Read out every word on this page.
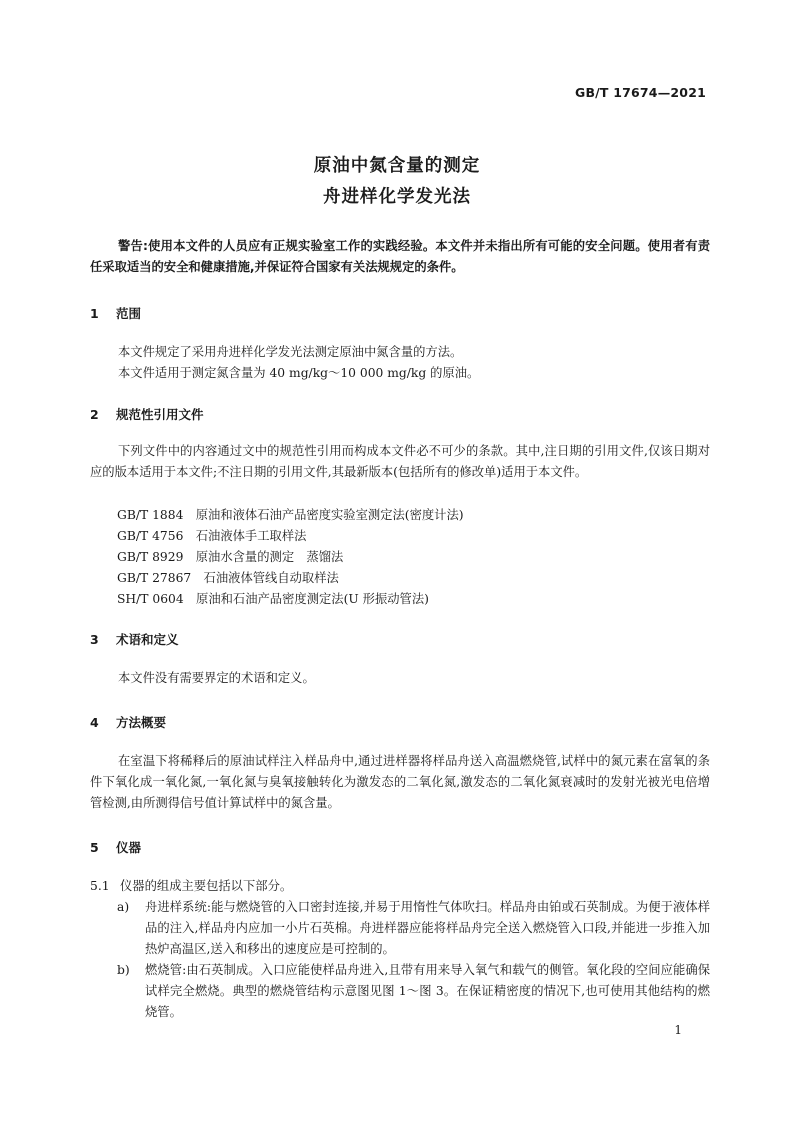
GB/T 17674—2021
原油中氮含量的测定
舟进样化学发光法
警告:使用本文件的人员应有正规实验室工作的实践经验。本文件并未指出所有可能的安全问题。使用者有责任采取适当的安全和健康措施,并保证符合国家有关法规规定的条件。
1 范围
本文件规定了采用舟进样化学发光法测定原油中氮含量的方法。
本文件适用于测定氮含量为 40 mg/kg～10 000 mg/kg 的原油。
2 规范性引用文件
下列文件中的内容通过文中的规范性引用而构成本文件必不可少的条款。其中,注日期的引用文件,仅该日期对应的版本适用于本文件;不注日期的引用文件,其最新版本(包括所有的修改单)适用于本文件。
GB/T 1884　 原油和液体石油产品密度实验室测定法(密度计法)
GB/T 4756　 石油液体手工取样法
GB/T 8929　 原油水含量的测定　蒸馏法
GB/T 27867　 石油液体管线自动取样法
SH/T 0604　 原油和石油产品密度测定法(U 形振动管法)
3 术语和定义
本文件没有需要界定的术语和定义。
4 方法概要
在室温下将稀释后的原油试样注入样品舟中,通过进样器将样品舟送入高温燃烧管,试样中的氮元素在富氧的条件下氧化成一氧化氮,一氧化氮与臭氧接触转化为激发态的二氧化氮,激发态的二氧化氮衰减时的发射光被光电倍增管检测,由所测得信号值计算试样中的氮含量。
5 仪器
5.1 仪器的组成主要包括以下部分。
a) 舟进样系统:能与燃烧管的入口密封连接,并易于用惰性气体吹扫。样品舟由铂或石英制成。为便于液体样品的注入,样品舟内应加一小片石英棉。舟进样器应能将样品舟完全送入燃烧管入口段,并能进一步推入加热炉高温区,送入和移出的速度应是可控制的。
b) 燃烧管:由石英制成。入口应能使样品舟进入,且带有用来导入氧气和载气的侧管。氧化段的空间应能确保试样完全燃烧。典型的燃烧管结构示意图见图 1～图 3。在保证精密度的情况下,也可使用其他结构的燃烧管。
1
